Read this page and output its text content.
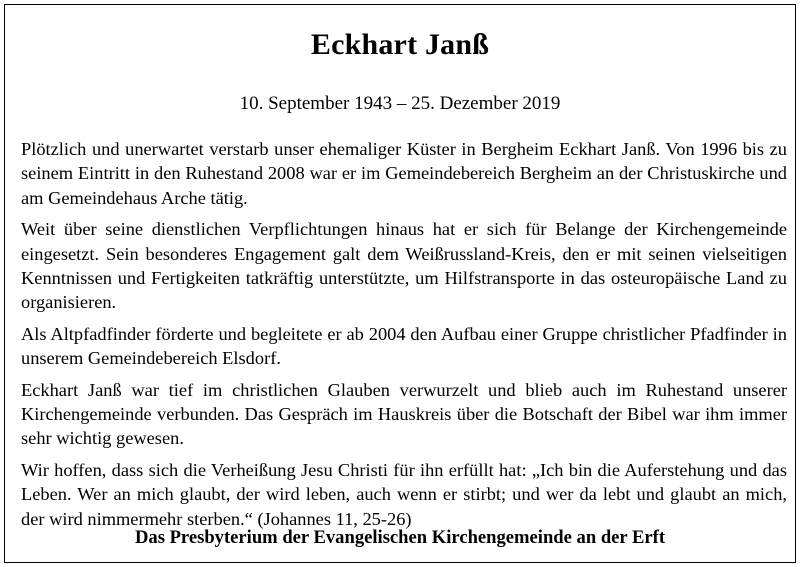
Eckhart Janß
10. September 1943 – 25. Dezember 2019

Plötzlich und unerwartet verstarb unser ehemaliger Küster in Bergheim Eckhart Janß. Von 1996 bis zu seinem Eintritt in den Ruhestand 2008 war er im Gemeindebereich Bergheim an der Christuskirche und am Gemeindehaus Arche tätig.

Weit über seine dienstlichen Verpflichtungen hinaus hat er sich für Belange der Kirchengemeinde eingesetzt. Sein besonderes Engagement galt dem Weißrussland-Kreis, den er mit seinen vielseitigen Kenntnissen und Fertigkeiten tatkräftig unterstützte, um Hilfstransporte in das osteuropäische Land zu organisieren.

Als Altpfadfinder förderte und begleitete er ab 2004 den Aufbau einer Gruppe christlicher Pfadfinder in unserem Gemeindebereich Elsdorf.

Eckhart Janß war tief im christlichen Glauben verwurzelt und blieb auch im Ruhestand unserer Kirchengemeinde verbunden. Das Gespräch im Hauskreis über die Botschaft der Bibel war ihm immer sehr wichtig gewesen.

Wir hoffen, dass sich die Verheißung Jesu Christi für ihn erfüllt hat: „Ich bin die Auferstehung und das Leben. Wer an mich glaubt, der wird leben, auch wenn er stirbt; und wer da lebt und glaubt an mich, der wird nimmermehr sterben.“ (Johannes 11, 25-26)

Das Presbyterium der Evangelischen Kirchengemeinde an der Erft
